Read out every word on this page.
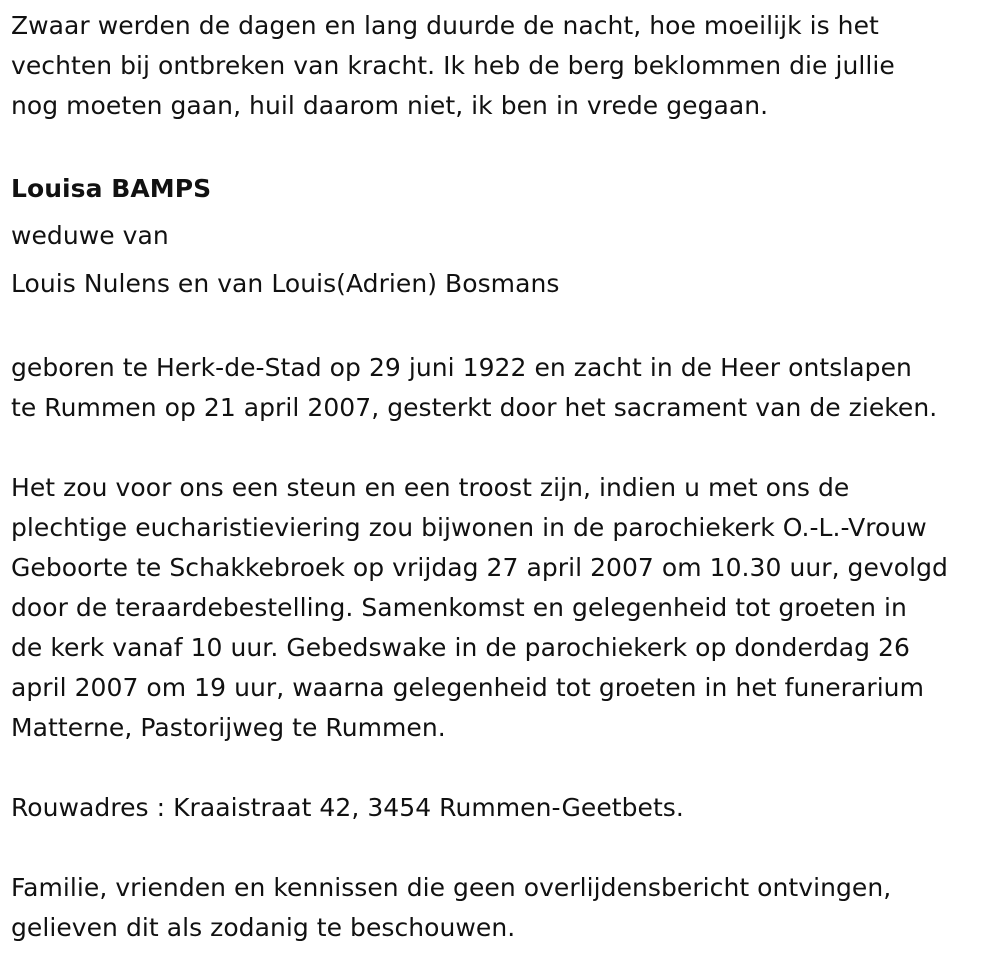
Zwaar werden de dagen en lang duurde de nacht, hoe moeilijk is het
vechten bij ontbreken van kracht. Ik heb de berg beklommen die jullie
nog moeten gaan, huil daarom niet, ik ben in vrede gegaan.
Louisa BAMPS
weduwe van
Louis Nulens en van Louis(Adrien) Bosmans
geboren te Herk-de-Stad op 29 juni 1922 en zacht in de Heer ontslapen
te Rummen op 21 april 2007, gesterkt door het sacrament van de zieken.
Het zou voor ons een steun en een troost zijn, indien u met ons de
plechtige eucharistieviering zou bijwonen in de parochiekerk O.-L.-Vrouw
Geboorte te Schakkebroek op vrijdag 27 april 2007 om 10.30 uur, gevolgd
door de teraardebestelling. Samenkomst en gelegenheid tot groeten in
de kerk vanaf 10 uur. Gebedswake in de parochiekerk op donderdag 26
april 2007 om 19 uur, waarna gelegenheid tot groeten in het funerarium
Matterne, Pastorijweg te Rummen.
Rouwadres : Kraaistraat 42, 3454 Rummen-Geetbets.
Familie, vrienden en kennissen die geen overlijdensbericht ontvingen,
gelieven dit als zodanig te beschouwen.
